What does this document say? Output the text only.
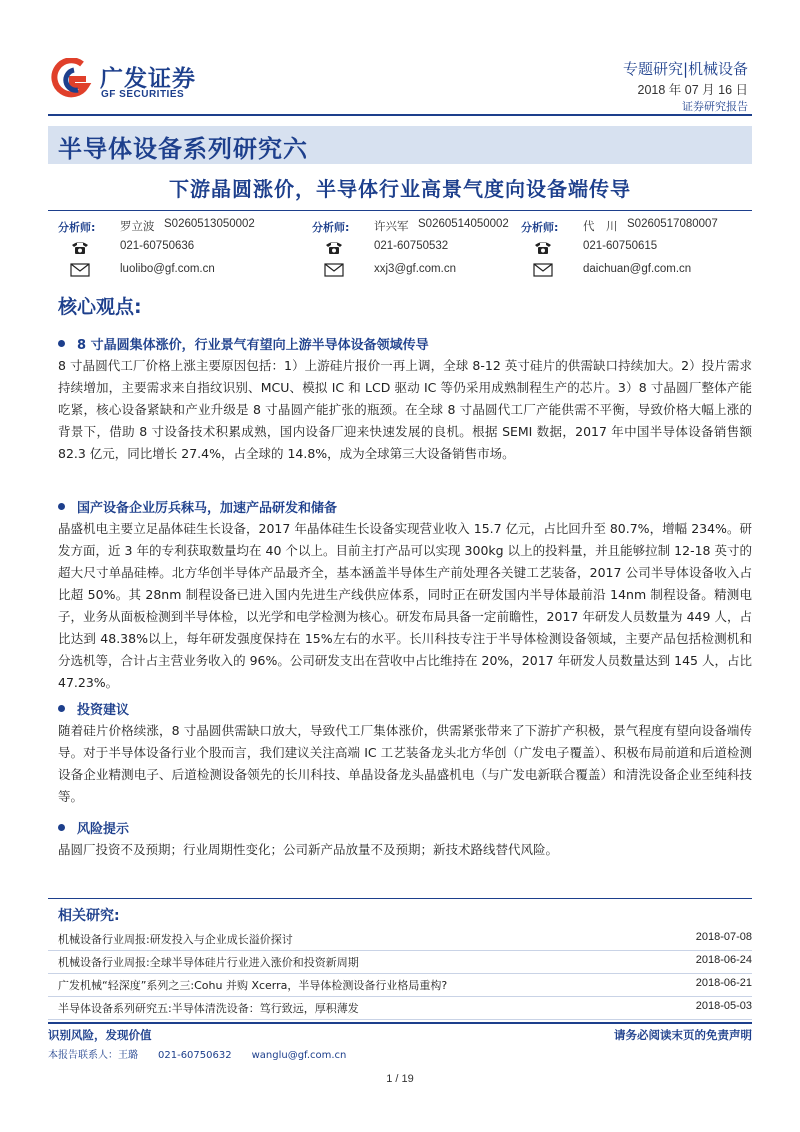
广发证券
GF SECURITIES
专题研究|机械设备
2018 年 07 月 16 日
证券研究报告
半导体设备系列研究六
下游晶圆涨价，半导体行业高景气度向设备端传导
分析师: 罗立波 S0260513050002
021-60750636
luolibo@gf.com.cn
分析师: 许兴军 S0260514050002
021-60750532
xxj3@gf.com.cn
分析师: 代　川 S0260517080007
021-60750615
daichuan@gf.com.cn
核心观点:
8 寸晶圆集体涨价，行业景气有望向上游半导体设备领域传导
8 寸晶圆代工厂价格上涨主要原因包括：1）上游硅片报价一再上调，全球 8-12 英寸硅片的供需缺口持续加大。2）投片需求持续增加，主要需求来自指纹识别、MCU、模拟 IC 和 LCD 驱动 IC 等仍采用成熟制程生产的芯片。3）8 寸晶圆厂整体产能吃紧，核心设备紧缺和产业升级是 8 寸晶圆产能扩张的瓶颈。在全球 8 寸晶圆代工厂产能供需不平衡，导致价格大幅上涨的背景下，借助 8 寸设备技术积累成熟，国内设备厂迎来快速发展的良机。根据 SEMI 数据，2017 年中国半导体设备销售额 82.3 亿元，同比增长 27.4%，占全球的 14.8%，成为全球第三大设备销售市场。
国产设备企业厉兵秣马，加速产品研发和储备
晶盛机电主要立足晶体硅生长设备，2017 年晶体硅生长设备实现营业收入 15.7 亿元，占比回升至 80.7%，增幅 234%。研发方面，近 3 年的专利获取数量均在 40 个以上。目前主打产品可以实现 300kg 以上的投料量，并且能够拉制 12-18 英寸的超大尺寸单晶硅棒。北方华创半导体产品最齐全，基本涵盖半导体生产前处理各关键工艺装备，2017 公司半导体设备收入占比超 50%。其 28nm 制程设备已进入国内先进生产线供应体系，同时正在研发国内半导体最前沿 14nm 制程设备。精测电子，业务从面板检测到半导体检，以光学和电学检测为核心。研发布局具备一定前瞻性，2017 年研发人员数量为 449 人，占比达到 48.38%以上，每年研发强度保持在 15%左右的水平。长川科技专注于半导体检测设备领域，主要产品包括检测机和分选机等，合计占主营业务收入的 96%。公司研发支出在营收中占比维持在 20%，2017 年研发人员数量达到 145 人，占比 47.23%。
投资建议
随着硅片价格续涨，8 寸晶圆供需缺口放大，导致代工厂集体涨价，供需紧张带来了下游扩产积极，景气程度有望向设备端传导。对于半导体设备行业个股而言，我们建议关注高端 IC 工艺装备龙头北方华创（广发电子覆盖）、积极布局前道和后道检测设备企业精测电子、后道检测设备领先的长川科技、单晶设备龙头晶盛机电（与广发电新联合覆盖）和清洗设备企业至纯科技等。
风险提示
晶圆厂投资不及预期；行业周期性变化；公司新产品放量不及预期；新技术路线替代风险。
相关研究:
机械设备行业周报:研发投入与企业成长溢价探讨	2018-07-08
机械设备行业周报:全球半导体硅片行业进入涨价和投资新周期	2018-06-24
广发机械“轻深度”系列之三:Cohu 并购 Xcerra，半导体检测设备行业格局重构?	2018-06-21
半导体设备系列研究五:半导体清洗设备：笃行致远，厚积薄发	2018-05-03
识别风险，发现价值	请务必阅读末页的免责声明
本报告联系人：王璐　　021-60750632　　wanglu@gf.com.cn
1 / 19
